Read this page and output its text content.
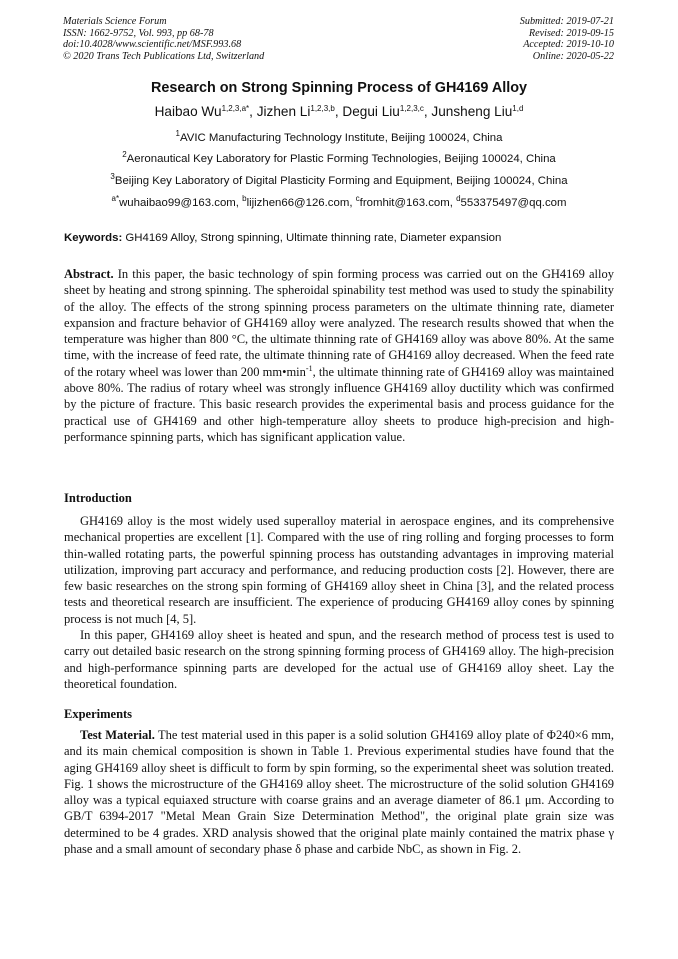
Materials Science Forum
ISSN: 1662-9752, Vol. 993, pp 68-78
doi:10.4028/www.scientific.net/MSF.993.68
© 2020 Trans Tech Publications Ltd, Switzerland
Submitted: 2019-07-21
Revised: 2019-09-15
Accepted: 2019-10-10
Online: 2020-05-22
Research on Strong Spinning Process of GH4169 Alloy
Haibao $Wu^{1,2,3,a*}$, Jizhen Li$^{1,2,3,b}$, Degui Liu$^{1,2,3,c}$, Junsheng Liu$^{1,d}$
$^1$AVIC Manufacturing Technology Institute, Beijing 100024, China
$^2$Aeronautical Key Laboratory for Plastic Forming Technologies, Beijing 100024, China
$^3$Beijing Key Laboratory of Digital Plasticity Forming and Equipment, Beijing 100024, China
$^{a*}$wuhaibao99@163.com, $^b$lijizhen66@126.com, $^c$fromhit@163.com, $^d$553375497@qq.com
Keywords: GH4169 Alloy, Strong spinning, Ultimate thinning rate, Diameter expansion

Abstract. In this paper, the basic technology of spin forming process was carried out on the GH4169 alloy sheet by heating and strong spinning. The spheroidal spinability test method was used to study the spinability of the alloy. The effects of the strong spinning process parameters on the ultimate thinning rate, diameter expansion and fracture behavior of GH4169 alloy were analyzed. The research results showed that when the temperature was higher than 800 °C, the ultimate thinning rate of GH4169 alloy was above 80%. At the same time, with the increase of feed rate, the ultimate thinning rate of GH4169 alloy decreased. When the feed rate of the rotary wheel was lower than 200 $mm•\min^{-1}$, the ultimate thinning rate of GH4169 alloy was maintained above 80%. The radius of rotary wheel was strongly influence GH4169 alloy ductility which was confirmed by the picture of fracture. This basic research provides the experimental basis and process guidance for the practical use of GH4169 and other high-temperature alloy sheets to produce high-precision and high-performance spinning parts, which has significant application value.

Introduction

GH4169 alloy is the most widely used superalloy material in aerospace engines, and its comprehensive mechanical properties are excellent [1]. Compared with the use of ring rolling and forging processes to form thin-walled rotating parts, the powerful spinning process has outstanding advantages in improving material utilization, improving part accuracy and performance, and reducing production costs [2]. However, there are few basic researches on the strong spin forming of GH4169 alloy sheet in China [3], and the related process tests and theoretical research are insufficient. The experience of producing GH4169 alloy cones by spinning process is not much [4, 5].

In this paper, GH4169 alloy sheet is heated and spun, and the research method of process test is used to carry out detailed basic research on the strong spinning forming process of GH4169 alloy. The high-precision and high-performance spinning parts are developed for the actual use of GH4169 alloy sheet. Lay the theoretical foundation.

Experiments

Test Material. The test material used in this paper is a solid solution GH4169 alloy plate of Φ240×6 mm, and its main chemical composition is shown in Table 1. Previous experimental studies have found that the aging GH4169 alloy sheet is difficult to form by spin forming, so the experimental sheet was solution treated. Fig. 1 shows the microstructure of the GH4169 alloy sheet. The microstructure of the solid solution GH4169 alloy was a typical equiaxed structure with coarse grains and an average diameter of 86.1 μm. According to GB/T 6394-2017 "Metal Mean Grain Size Determination Method", the original plate grain size was determined to be 4 grades. XRD analysis showed that the original plate mainly contained the matrix phase γ phase and a small amount of secondary phase δ phase and carbide NbC, as shown in Fig. 2.
